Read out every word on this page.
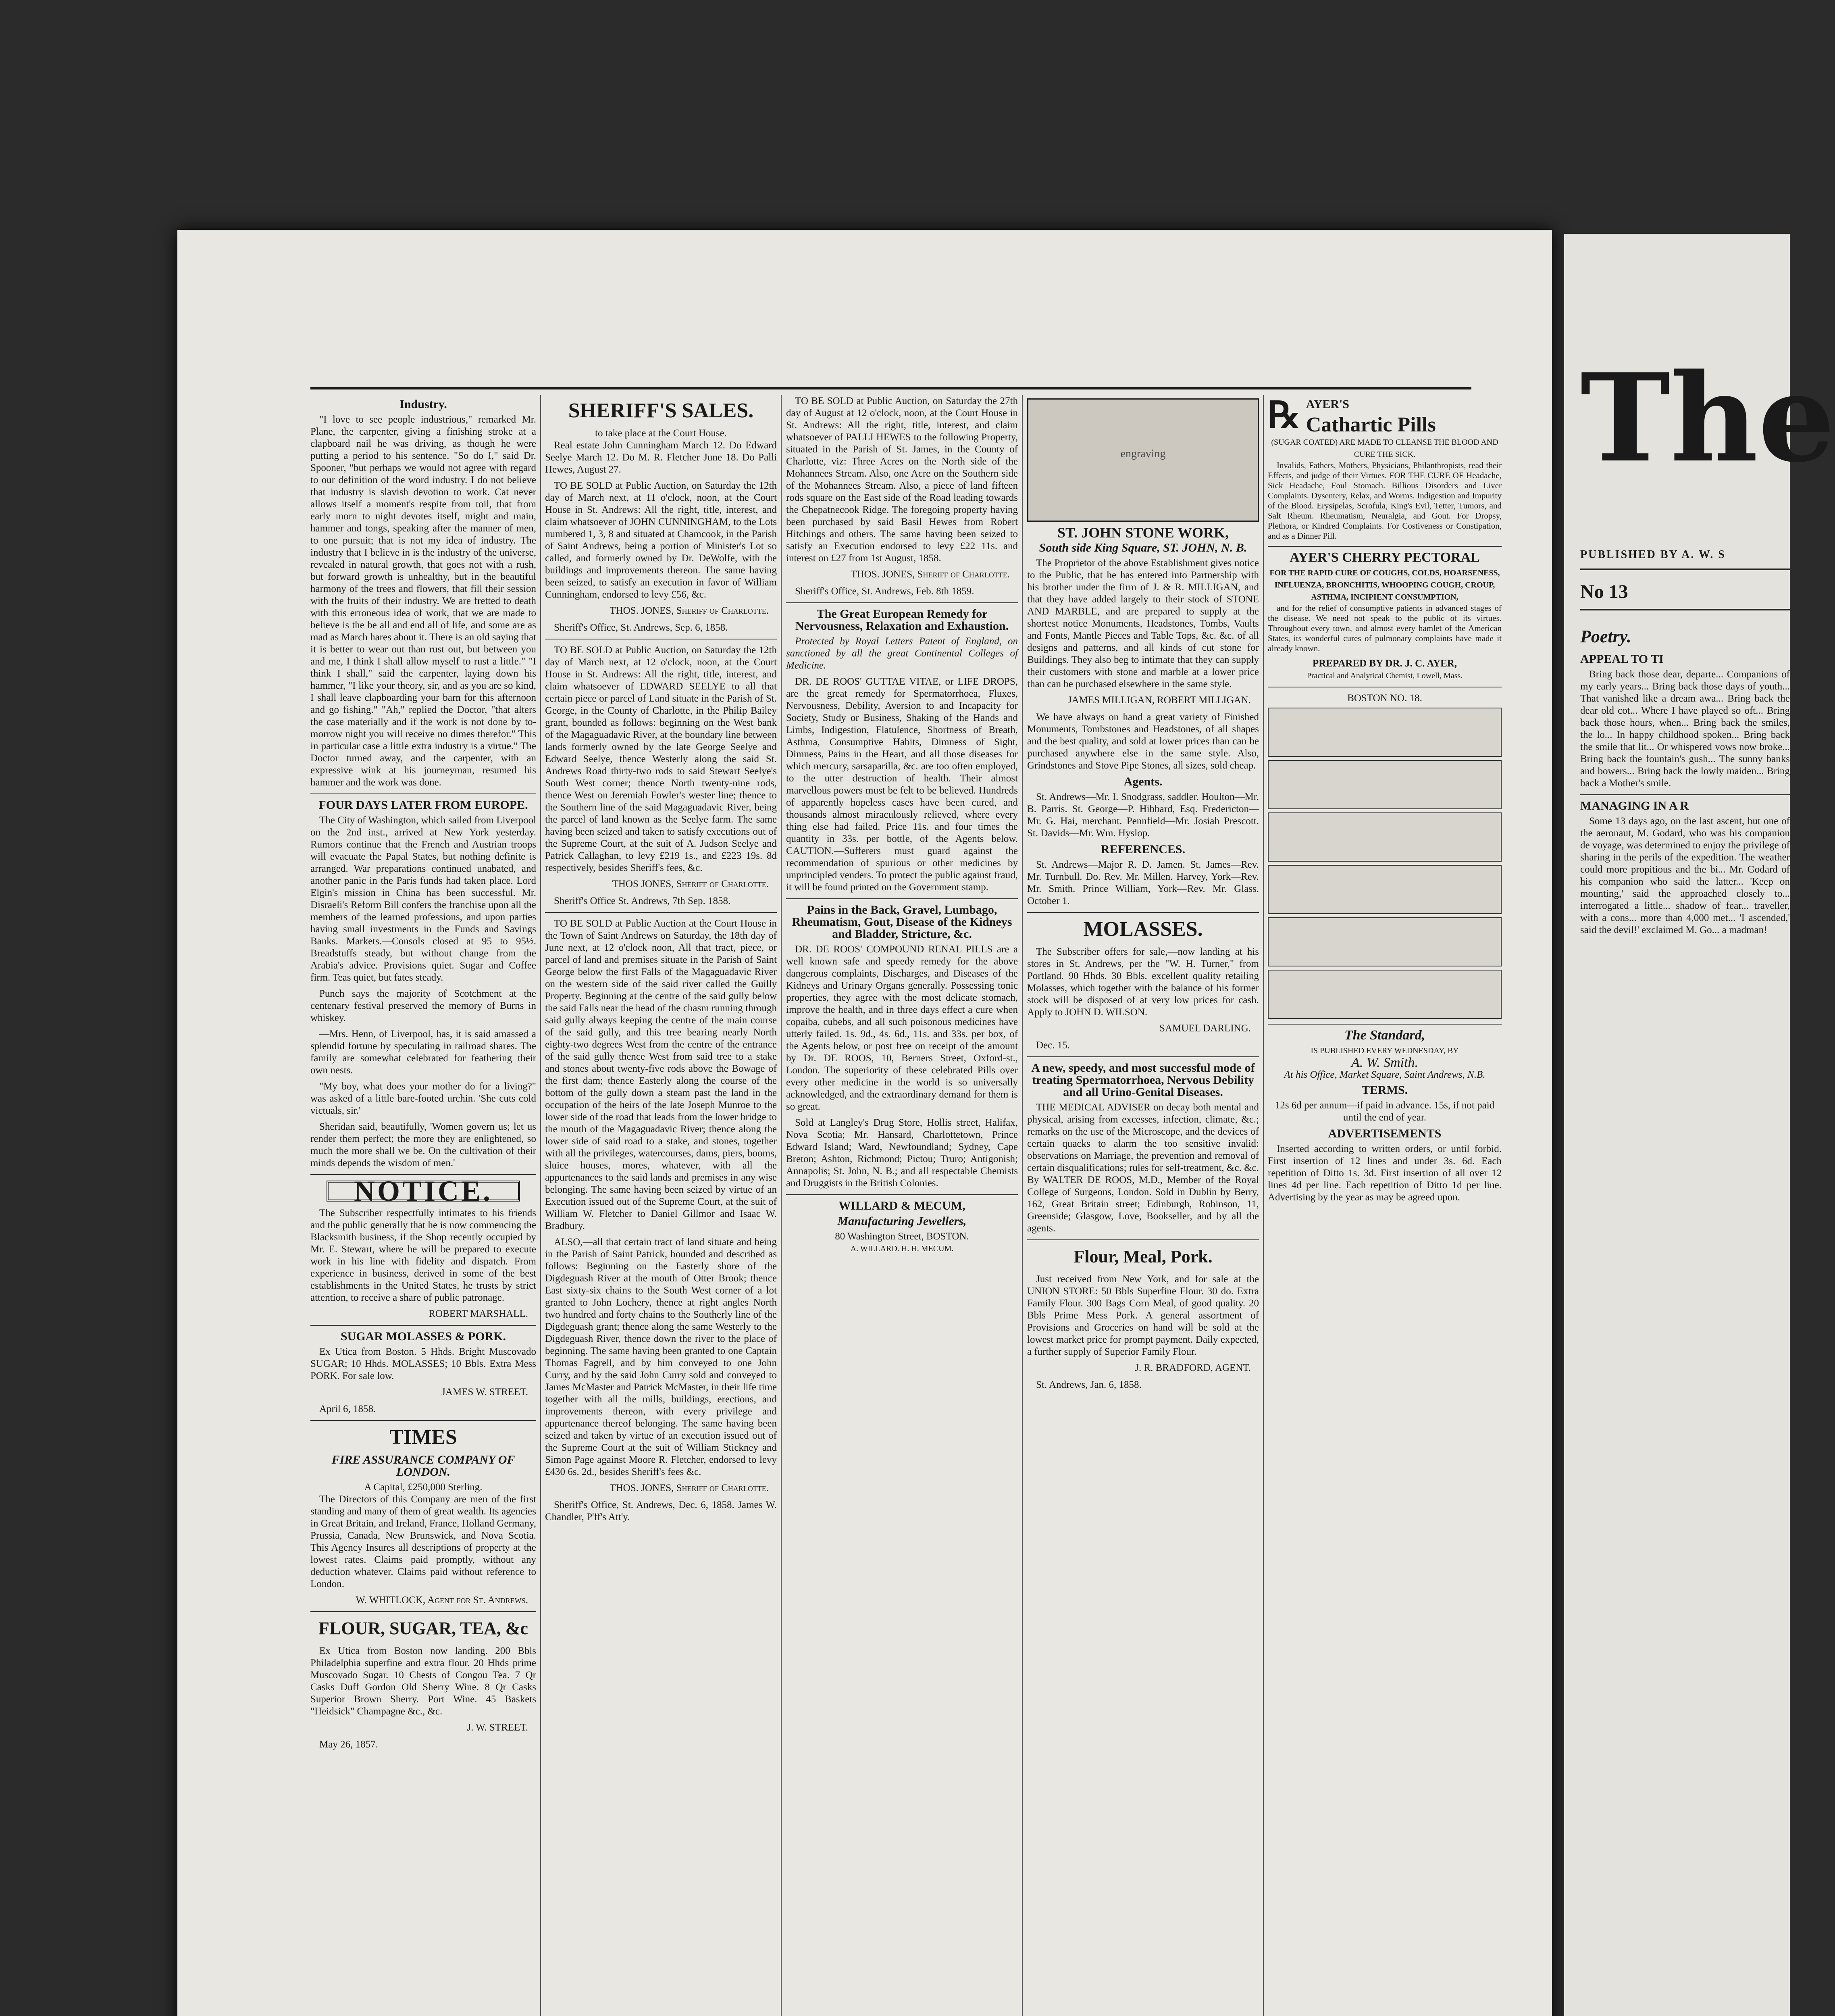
Industry.

"I love to see people industrious," remarked Mr. Plane, the carpenter, giving a finishing stroke at a clapboard nail he was driving, as though he were putting a period to his sentence. "So do I," said Dr. Spooner, "but perhaps we would not agree with regard to our definition of the word industry. I do not believe that industry is slavish devotion to work. Cat never allows itself a moment's respite from toil, that from early morn to night devotes itself, might and main, hammer and tongs, speaking after the manner of men, to one pursuit; that is not my idea of industry. The industry that I believe in is the industry of the universe, revealed in natural growth, that goes not with a rush, but forward growth is unhealthy, but in the beautiful harmony of the trees and flowers, that fill their session with the fruits of their industry. We are fretted to death with this erroneous idea of work, that we are made to believe is the be all and end all of life, and some are as mad as March hares about it. There is an old saying that it is better to wear out than rust out, but between you and me, I think I shall allow myself to rust a little." "I think I shall," said the carpenter, laying down his hammer, "I like your theory, sir, and as you are so kind, I shall leave clapboarding your barn for this afternoon and go fishing." "Ah," replied the Doctor, "that alters the case materially and if the work is not done by to-morrow night you will receive no dimes therefor." This in particular case a little extra industry is a virtue." The Doctor turned away, and the carpenter, with an expressive wink at his journeyman, resumed his hammer and the work was done.

FOUR DAYS LATER FROM EUROPE.

The City of Washington, which sailed from Liverpool on the 2nd inst., arrived at New York yesterday. Rumors continue that the French and Austrian troops will evacuate the Papal States, but nothing definite is arranged. War preparations continued unabated, and another panic in the Paris funds had taken place. Lord Elgin's mission in China has been successful. Mr. Disraeli's Reform Bill confers the franchise upon all the members of the learned professions, and upon parties having small investments in the Funds and Savings Banks. Markets.—Consols closed at 95 to 95½. Breadstuffs steady, but without change from the Arabia's advice. Provisions quiet. Sugar and Coffee firm. Teas quiet, but fates steady.

Punch says the majority of Scotchment at the centenary festival preserved the memory of Burns in whiskey.

—Mrs. Henn, of Liverpool, has, it is said amassed a splendid fortune by speculating in railroad shares. The family are somewhat celebrated for feathering their own nests.

"My boy, what does your mother do for a living?" was asked of a little bare-footed urchin. 'She cuts cold victuals, sir.'

Sheridan said, beautifully, 'Women govern us; let us render them perfect; the more they are enlightened, so much the more shall we be. On the cultivation of their minds depends the wisdom of men.'

NOTICE.

The Subscriber respectfully intimates to his friends and the public generally that he is now commencing the Blacksmith business, if the Shop recently occupied by Mr. E. Stewart, where he will be prepared to execute work in his line with fidelity and dispatch. From experience in business, derived in some of the best establishments in the United States, he trusts by strict attention, to receive a share of public patronage.

ROBERT MARSHALL.
SUGAR MOLASSES & PORK.

Ex Utica from Boston. 5 Hhds. Bright Muscovado SUGAR; 10 Hhds. MOLASSES; 10 Bbls. Extra Mess PORK. For sale low.

JAMES W. STREET.

April 6, 1858.

TIMES
FIRE ASSURANCE COMPANY OF LONDON.
A Capital, £250,000 Sterling.

The Directors of this Company are men of the first standing and many of them of great wealth. Its agencies in Great Britain, and Ireland, France, Holland Germany, Prussia, Canada, New Brunswick, and Nova Scotia. This Agency Insures all descriptions of property at the lowest rates. Claims paid promptly, without any deduction whatever. Claims paid without reference to London.

W. WHITLOCK, Agent for St. Andrews.
FLOUR, SUGAR, TEA, &c

Ex Utica from Boston now landing. 200 Bbls Philadelphia superfine and extra flour. 20 Hhds prime Muscovado Sugar. 10 Chests of Congou Tea. 7 Qr Casks Duff Gordon Old Sherry Wine. 8 Qr Casks Superior Brown Sherry. Port Wine. 45 Baskets "Heidsick" Champagne &c., &c.

J. W. STREET.

May 26, 1857.

SHERIFF'S SALES.
to take place at the Court House.

Real estate John Cunningham March 12. Do Edward Seelye March 12. Do M. R. Fletcher June 18. Do Palli Hewes, August 27.

TO BE SOLD at Public Auction, on Saturday the 12th day of March next, at 11 o'clock, noon, at the Court House in St. Andrews: All the right, title, interest, and claim whatsoever of JOHN CUNNINGHAM, to the Lots numbered 1, 3, 8 and situated at Chamcook, in the Parish of Saint Andrews, being a portion of Minister's Lot so called, and formerly owned by Dr. DeWolfe, with the buildings and improvements thereon. The same having been seized, to satisfy an execution in favor of William Cunningham, endorsed to levy £56, &c.

THOS. JONES, Sheriff of Charlotte.

Sheriff's Office, St. Andrews, Sep. 6, 1858.

TO BE SOLD at Public Auction, on Saturday the 12th day of March next, at 12 o'clock, noon, at the Court House in St. Andrews: All the right, title, interest, and claim whatsoever of EDWARD SEELYE to all that certain piece or parcel of Land situate in the Parish of St. George, in the County of Charlotte, in the Philip Bailey grant, bounded as follows: beginning on the West bank of the Magaguadavic River, at the boundary line between lands formerly owned by the late George Seelye and Edward Seelye, thence Westerly along the said St. Andrews Road thirty-two rods to said Stewart Seelye's South West corner; thence North twenty-nine rods, thence West on Jeremiah Fowler's wester line; thence to the Southern line of the said Magaguadavic River, being the parcel of land known as the Seelye farm. The same having been seized and taken to satisfy executions out of the Supreme Court, at the suit of A. Judson Seelye and Patrick Callaghan, to levy £219 1s., and £223 19s. 8d respectively, besides Sheriff's fees, &c.

THOS JONES, Sheriff of Charlotte.

Sheriff's Office St. Andrews, 7th Sep. 1858.

TO BE SOLD at Public Auction at the Court House in the Town of Saint Andrews on Saturday, the 18th day of June next, at 12 o'clock noon, All that tract, piece, or parcel of land and premises situate in the Parish of Saint George below the first Falls of the Magaguadavic River on the western side of the said river called the Guilly Property. Beginning at the centre of the said gully below the said Falls near the head of the chasm running through said gully always keeping the centre of the main course of the said gully, and this tree bearing nearly North eighty-two degrees West from the centre of the entrance of the said gully thence West from said tree to a stake and stones about twenty-five rods above the Bowage of the first dam; thence Easterly along the course of the bottom of the gully down a steam past the land in the occupation of the heirs of the late Joseph Munroe to the lower side of the road that leads from the lower bridge to the mouth of the Magaguadavic River; thence along the lower side of said road to a stake, and stones, together with all the privileges, watercourses, dams, piers, booms, sluice houses, mores, whatever, with all the appurtenances to the said lands and premises in any wise belonging. The same having been seized by virtue of an Execution issued out of the Supreme Court, at the suit of William W. Fletcher to Daniel Gillmor and Isaac W. Bradbury.

ALSO,—all that certain tract of land situate and being in the Parish of Saint Patrick, bounded and described as follows: Beginning on the Easterly shore of the Digdeguash River at the mouth of Otter Brook; thence East sixty-six chains to the South West corner of a lot granted to John Lochery, thence at right angles North two hundred and forty chains to the Southerly line of the Digdeguash grant; thence along the same Westerly to the Digdeguash River, thence down the river to the place of beginning. The same having been granted to one Captain Thomas Fagrell, and by him conveyed to one John Curry, and by the said John Curry sold and conveyed to James McMaster and Patrick McMaster, in their life time together with all the mills, buildings, erections, and improvements thereon, with every privilege and appurtenance thereof belonging. The same having been seized and taken by virtue of an execution issued out of the Supreme Court at the suit of William Stickney and Simon Page against Moore R. Fletcher, endorsed to levy £430 6s. 2d., besides Sheriff's fees &c.

THOS. JONES, Sheriff of Charlotte.

Sheriff's Office, St. Andrews, Dec. 6, 1858. James W. Chandler, P'ff's Att'y.

TO BE SOLD at Public Auction, on Saturday the 27th day of August at 12 o'clock, noon, at the Court House in St. Andrews: All the right, title, interest, and claim whatsoever of PALLI HEWES to the following Property, situated in the Parish of St. James, in the County of Charlotte, viz: Three Acres on the North side of the Mohannees Stream. Also, one Acre on the Southern side of the Mohannees Stream. Also, a piece of land fifteen rods square on the East side of the Road leading towards the Chepatnecook Ridge. The foregoing property having been purchased by said Basil Hewes from Robert Hitchings and others. The same having been seized to satisfy an Execution endorsed to levy £22 11s. and interest on £27 from 1st August, 1858.

THOS. JONES, Sheriff of Charlotte.

Sheriff's Office, St. Andrews, Feb. 8th 1859.

The Great European Remedy for Nervousness, Relaxation and Exhaustion.

Protected by Royal Letters Patent of England, on sanctioned by all the great Continental Colleges of Medicine.

DR. DE ROOS' GUTTAE VITAE, or LIFE DROPS, are the great remedy for Spermatorrhoea, Fluxes, Nervousness, Debility, Aversion to and Incapacity for Society, Study or Business, Shaking of the Hands and Limbs, Indigestion, Flatulence, Shortness of Breath, Asthma, Consumptive Habits, Dimness of Sight, Dimness, Pains in the Heart, and all those diseases for which mercury, sarsaparilla, &c. are too often employed, to the utter destruction of health. Their almost marvellous powers must be felt to be believed. Hundreds of apparently hopeless cases have been cured, and thousands almost miraculously relieved, where every thing else had failed. Price 11s. and four times the quantity in 33s. per bottle, of the Agents below. CAUTION.—Sufferers must guard against the recommendation of spurious or other medicines by unprincipled venders. To protect the public against fraud, it will be found printed on the Government stamp.

Pains in the Back, Gravel, Lumbago, Rheumatism, Gout, Disease of the Kidneys and Bladder, Stricture, &c.

DR. DE ROOS' COMPOUND RENAL PILLS are a well known safe and speedy remedy for the above dangerous complaints, Discharges, and Diseases of the Kidneys and Urinary Organs generally. Possessing tonic properties, they agree with the most delicate stomach, improve the health, and in three days effect a cure when copaiba, cubebs, and all such poisonous medicines have utterly failed. 1s. 9d., 4s. 6d., 11s. and 33s. per box, of the Agents below, or post free on receipt of the amount by Dr. DE ROOS, 10, Berners Street, Oxford-st., London. The superiority of these celebrated Pills over every other medicine in the world is so universally acknowledged, and the extraordinary demand for them is so great.

Sold at Langley's Drug Store, Hollis street, Halifax, Nova Scotia; Mr. Hansard, Charlottetown, Prince Edward Island; Ward, Newfoundland; Sydney, Cape Breton; Ashton, Richmond; Pictou; Truro; Antigonish; Annapolis; St. John, N. B.; and all respectable Chemists and Druggists in the British Colonies.

WILLARD & MECUM,
Manufacturing Jewellers,
80 Washington Street, BOSTON.
A. WILLARD. H. H. MECUM.
engraving
ST. JOHN STONE WORK,
South side King Square, ST. JOHN, N. B.

The Proprietor of the above Establishment gives notice to the Public, that he has entered into Partnership with his brother under the firm of J. & R. MILLIGAN, and that they have added largely to their stock of STONE AND MARBLE, and are prepared to supply at the shortest notice Monuments, Headstones, Tombs, Vaults and Fonts, Mantle Pieces and Table Tops, &c. &c. of all designs and patterns, and all kinds of cut stone for Buildings. They also beg to intimate that they can supply their customers with stone and marble at a lower price than can be purchased elsewhere in the same style.

JAMES MILLIGAN, ROBERT MILLIGAN.

We have always on hand a great variety of Finished Monuments, Tombstones and Headstones, of all shapes and the best quality, and sold at lower prices than can be purchased anywhere else in the same style. Also, Grindstones and Stove Pipe Stones, all sizes, sold cheap.

Agents.

St. Andrews—Mr. I. Snodgrass, saddler. Houlton—Mr. B. Parris. St. George—P. Hibbard, Esq. Fredericton—Mr. G. Hai, merchant. Pennfield—Mr. Josiah Prescott. St. Davids—Mr. Wm. Hyslop.

REFERENCES.

St. Andrews—Major R. D. Jamen. St. James—Rev. Mr. Turnbull. Do. Rev. Mr. Millen. Harvey, York—Rev. Mr. Smith. Prince William, York—Rev. Mr. Glass. October 1.

MOLASSES.

The Subscriber offers for sale,—now landing at his stores in St. Andrews, per the "W. H. Turner," from Portland. 90 Hhds. 30 Bbls. excellent quality retailing Molasses, which together with the balance of his former stock will be disposed of at very low prices for cash. Apply to JOHN D. WILSON.

SAMUEL DARLING.

Dec. 15.

A new, speedy, and most successful mode of treating Spermatorrhoea, Nervous Debility and all Urino-Genital Diseases.

THE MEDICAL ADVISER on decay both mental and physical, arising from excesses, infection, climate, &c.; remarks on the use of the Microscope, and the devices of certain quacks to alarm the too sensitive invalid: observations on Marriage, the prevention and removal of certain disqualifications; rules for self-treatment, &c. &c. By WALTER DE ROOS, M.D., Member of the Royal College of Surgeons, London. Sold in Dublin by Berry, 162, Great Britain street; Edinburgh, Robinson, 11, Greenside; Glasgow, Love, Bookseller, and by all the agents.

Flour, Meal, Pork.

Just received from New York, and for sale at the UNION STORE: 50 Bbls Superfine Flour. 30 do. Extra Family Flour. 300 Bags Corn Meal, of good quality. 20 Bbls Prime Mess Pork. A general assortment of Provisions and Groceries on hand will be sold at the lowest market price for prompt payment. Daily expected, a further supply of Superior Family Flour.

J. R. BRADFORD, AGENT.

St. Andrews, Jan. 6, 1858.

℞ AYER'S
Cathartic Pills
(SUGAR COATED) ARE MADE TO CLEANSE THE BLOOD AND CURE THE SICK.

Invalids, Fathers, Mothers, Physicians, Philanthropists, read their Effects, and judge of their Virtues. FOR THE CURE OF Headache, Sick Headache, Foul Stomach. Billious Disorders and Liver Complaints. Dysentery, Relax, and Worms. Indigestion and Impurity of the Blood. Erysipelas, Scrofula, King's Evil, Tetter, Tumors, and Salt Rheum. Rheumatism, Neuralgia, and Gout. For Dropsy, Plethora, or Kindred Complaints. For Costiveness or Constipation, and as a Dinner Pill.

AYER'S CHERRY PECTORAL
FOR THE RAPID CURE OF COUGHS, COLDS, HOARSENESS, INFLUENZA, BRONCHITIS, WHOOPING COUGH, CROUP, ASTHMA, INCIPIENT CONSUMPTION,

and for the relief of consumptive patients in advanced stages of the disease. We need not speak to the public of its virtues. Throughout every town, and almost every hamlet of the American States, its wonderful cures of pulmonary complaints have made it already known.

PREPARED BY DR. J. C. AYER,
Practical and Analytical Chemist, Lowell, Mass.
BOSTON NO. 18.
The Standard,
IS PUBLISHED EVERY WEDNESDAY, BY
A. W. Smith.
At his Office, Market Square, Saint Andrews, N.B.
TERMS.

12s 6d per annum—if paid in advance. 15s, if not paid until the end of year.

ADVERTISEMENTS

Inserted according to written orders, or until forbid. First insertion of 12 lines and under 3s. 6d. Each repetition of Ditto 1s. 3d. First insertion of all over 12 lines 4d per line. Each repetition of Ditto 1d per line. Advertising by the year as may be agreed upon.

The
PUBLISHED BY A. W. S
No 13
Poetry.
APPEAL TO TI

Bring back those dear, departe... Companions of my early years... Bring back those days of youth... That vanished like a dream awa... Bring back the dear old cot... Where I have played so oft... Bring back those hours, when... Bring back the smiles, the lo... In happy childhood spoken... Bring back the smile that lit... Or whispered vows now broke... Bring back the fountain's gush... The sunny banks and bowers... Bring back the lowly maiden... Bring back a Mother's smile.

MANAGING IN A R

Some 13 days ago, on the last ascent, but one of the aeronaut, M. Godard, who was his companion de voyage, was determined to enjoy the privilege of sharing in the perils of the expedition. The weather could more propitious and the bi... Mr. Godard of his companion who said the latter... 'Keep on mounting,' said the approached closely to... interrogated a little... shadow of fear... traveller, with a cons... more than 4,000 met... 'I ascended,' said the devil!' exclaimed M. Go... a madman!
